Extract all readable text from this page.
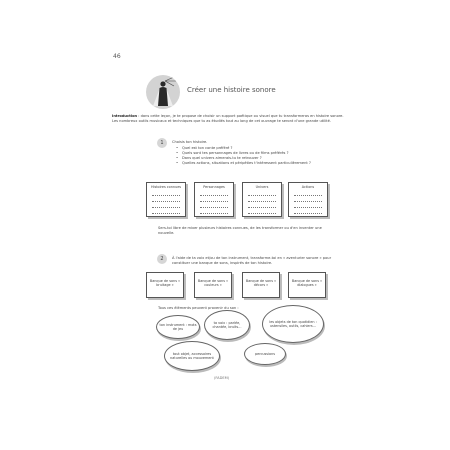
46
Créer une histoire sonore
Introduction : dans cette leçon, je te propose de choisir un support poétique ou visuel que tu transformeras en histoire sonore. Les nombreux outils musicaux et techniques que tu as étudiés tout au long de cet ouvrage te seront d'une grande utilité.
1	Choisis ton histoire.
• Quel est ton conte préféré ?
• Quels sont tes personnages de livres ou de films préférés ?
• Dans quel univers aimerais-tu te retrouver ?
• Quelles actions, situations et péripéties t'intéressent particulièrement ?
Histoires connues	Personnages	Univers	Actions
Sers-toi libre de mixer plusieurs histoires connues, de les transformer ou d'en inventer une nouvelle.
2	À l'aide de ta voix et/ou de ton instrument, transforme-toi en « aventurier sonore » pour constituer une banque de sons, inspirés de ton histoire.
Banque de sons « bruitage »
Banque de sons « couleurs »
Banque de sons « décors »
Banque de sons « dialogues »
Tous ces éléments peuvent provenir du son :
ton instrument : mots de jeu
ta voix : parlée, chantée, bruits…
les objets de ton quotidien : ustensiles, outils, cahiers…
tout objet, accessoires naturelles ou mouvement
percussions
(FADEM)
